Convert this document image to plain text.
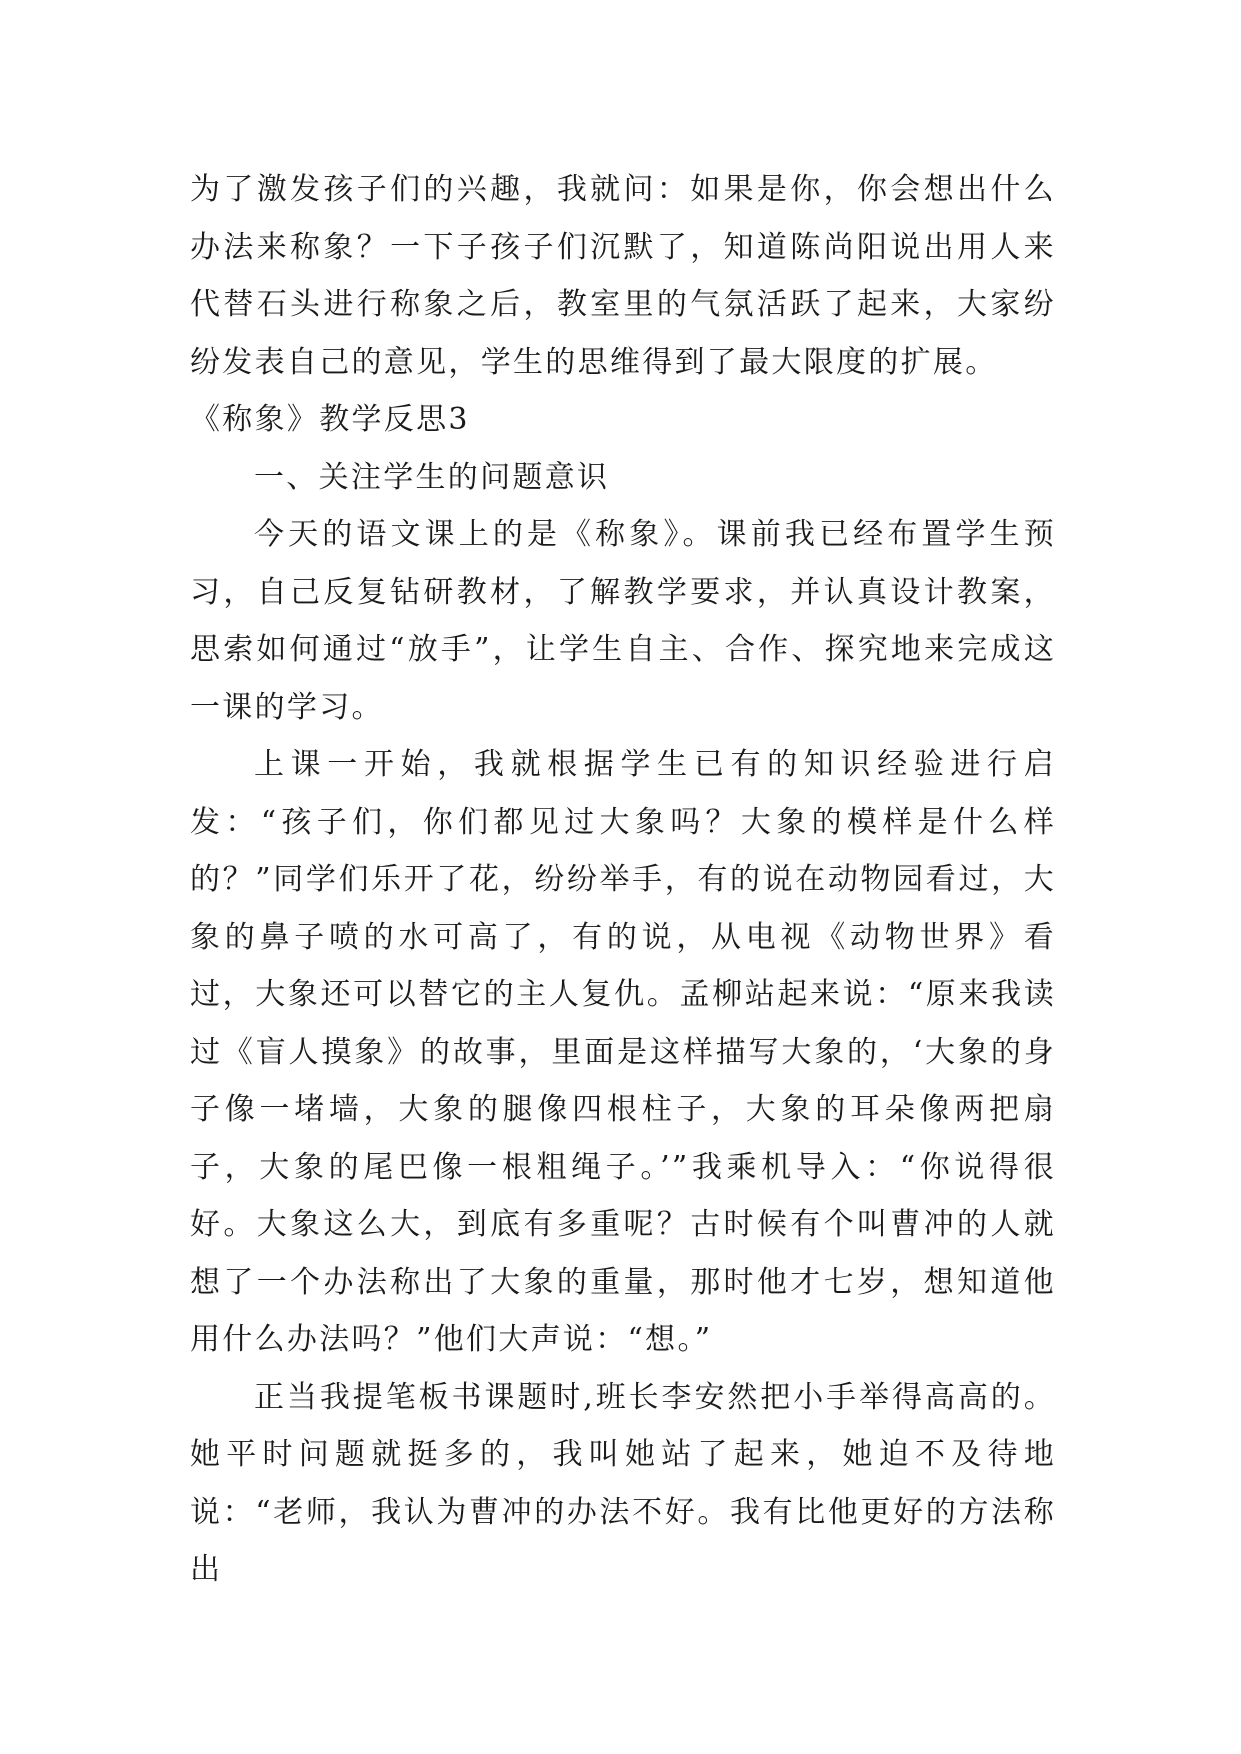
为了激发孩子们的兴趣，我就问：如果是你，你会想出什么办法来称象？一下子孩子们沉默了，知道陈尚阳说出用人来代替石头进行称象之后，教室里的气氛活跃了起来，大家纷纷发表自己的意见，学生的思维得到了最大限度的扩展。

《称象》教学反思3

一、关注学生的问题意识

今天的语文课上的是《称象》。课前我已经布置学生预习，自己反复钻研教材，了解教学要求，并认真设计教案，思索如何通过“放手”，让学生自主、合作、探究地来完成这一课的学习。

上课一开始，我就根据学生已有的知识经验进行启发：“孩子们，你们都见过大象吗？大象的模样是什么样的？”同学们乐开了花，纷纷举手，有的说在动物园看过，大象的鼻子喷的水可高了，有的说，从电视《动物世界》看过，大象还可以替它的主人复仇。孟柳站起来说：“原来我读过《盲人摸象》的故事，里面是这样描写大象的，‘大象的身子像一堵墙，大象的腿像四根柱子，大象的耳朵像两把扇子，大象的尾巴像一根粗绳子。’”我乘机导入：“你说得很好。大象这么大，到底有多重呢？古时候有个叫曹冲的人就想了一个办法称出了大象的重量，那时他才七岁，想知道他用什么办法吗？”他们大声说：“想。”

正当我提笔板书课题时,班长李安然把小手举得高高的。她平时问题就挺多的，我叫她站了起来，她迫不及待地说：“老师，我认为曹冲的办法不好。我有比他更好的方法称出
